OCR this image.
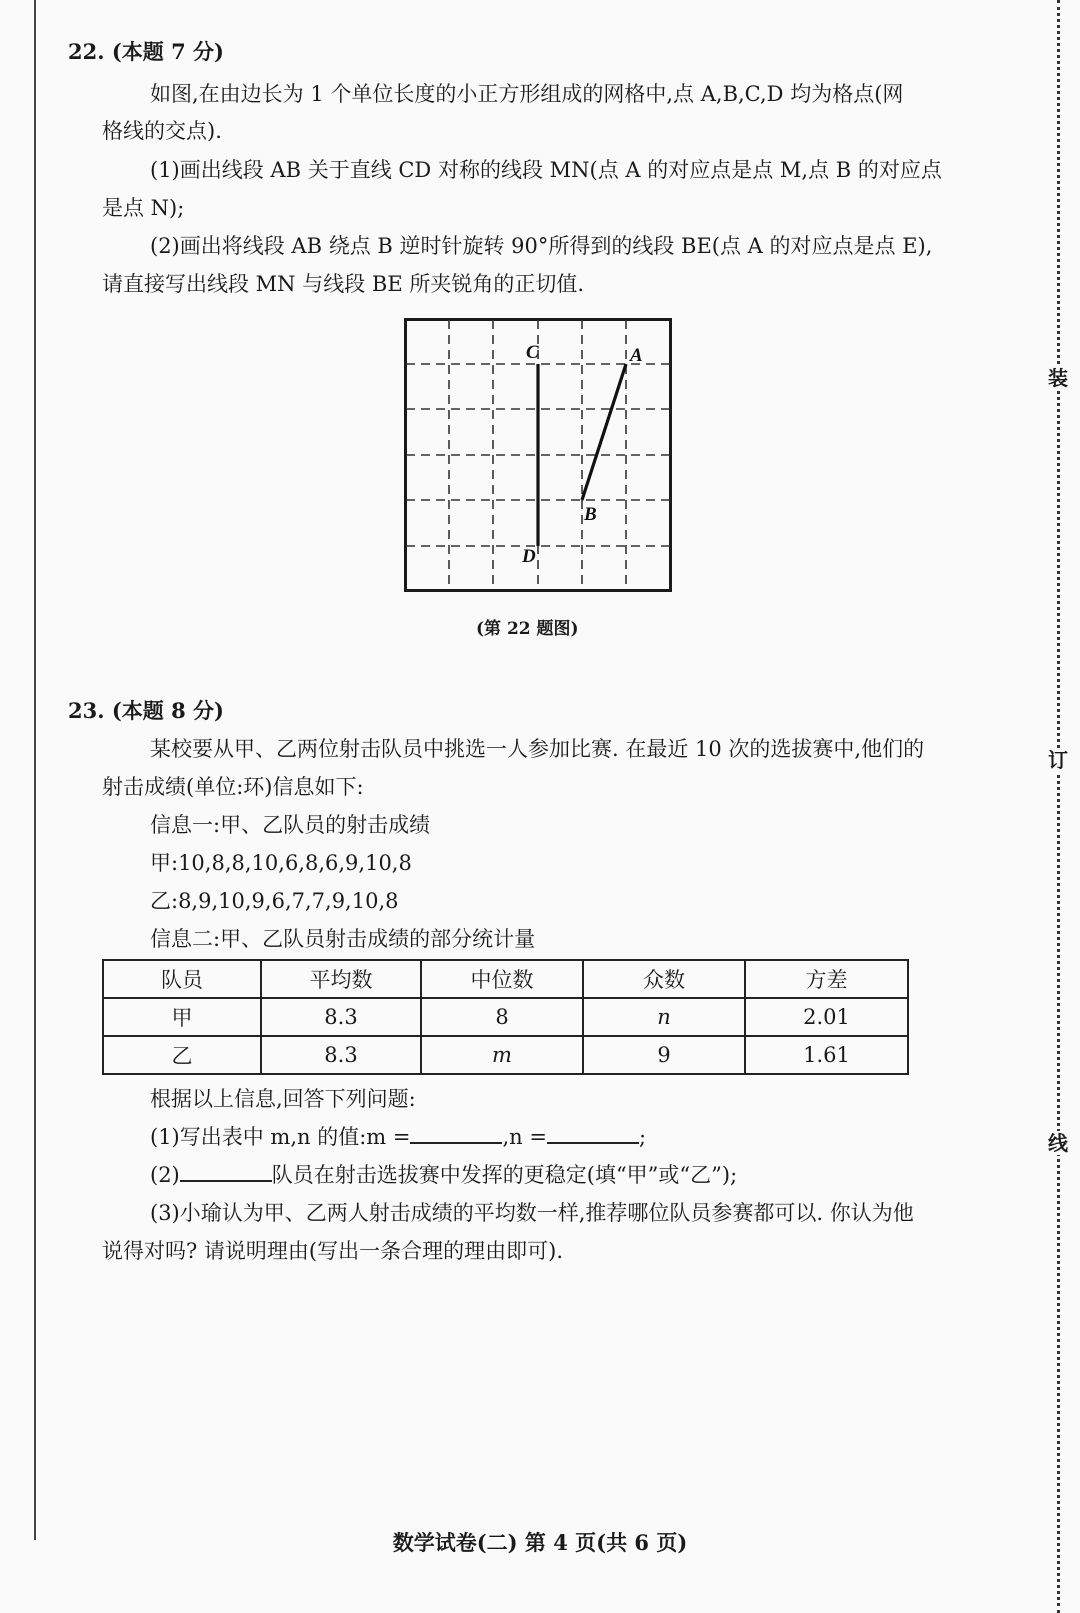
装
订
线
22. (本题 7 分)
如图,在由边长为 1 个单位长度的小正方形组成的网格中,点 A,B,C,D 均为格点(网
格线的交点).
(1)画出线段 AB 关于直线 CD 对称的线段 MN(点 A 的对应点是点 M,点 B 的对应点
是点 N);
(2)画出将线段 AB 绕点 B 逆时针旋转 90°所得到的线段 BE(点 A 的对应点是点 E),
请直接写出线段 MN 与线段 BE 所夹锐角的正切值.
C	A
B
D
(第 22 题图)
23. (本题 8 分)
某校要从甲、乙两位射击队员中挑选一人参加比赛. 在最近 10 次的选拔赛中,他们的
射击成绩(单位:环)信息如下:
信息一:甲、乙队员的射击成绩
甲:10,8,8,10,6,8,6,9,10,8
乙:8,9,10,9,6,7,7,9,10,8
信息二:甲、乙队员射击成绩的部分统计量
队员	平均数	中位数	众数	方差
甲	8.3	8	n	2.01
乙	8.3	m	9	1.61
根据以上信息,回答下列问题:
(1)写出表中 m,n 的值:m =	,n =	;
(2)	队员在射击选拔赛中发挥的更稳定(填“甲”或“乙”);
(3)小瑜认为甲、乙两人射击成绩的平均数一样,推荐哪位队员参赛都可以. 你认为他
说得对吗? 请说明理由(写出一条合理的理由即可).
数学试卷(二) 第 4 页(共 6 页)
